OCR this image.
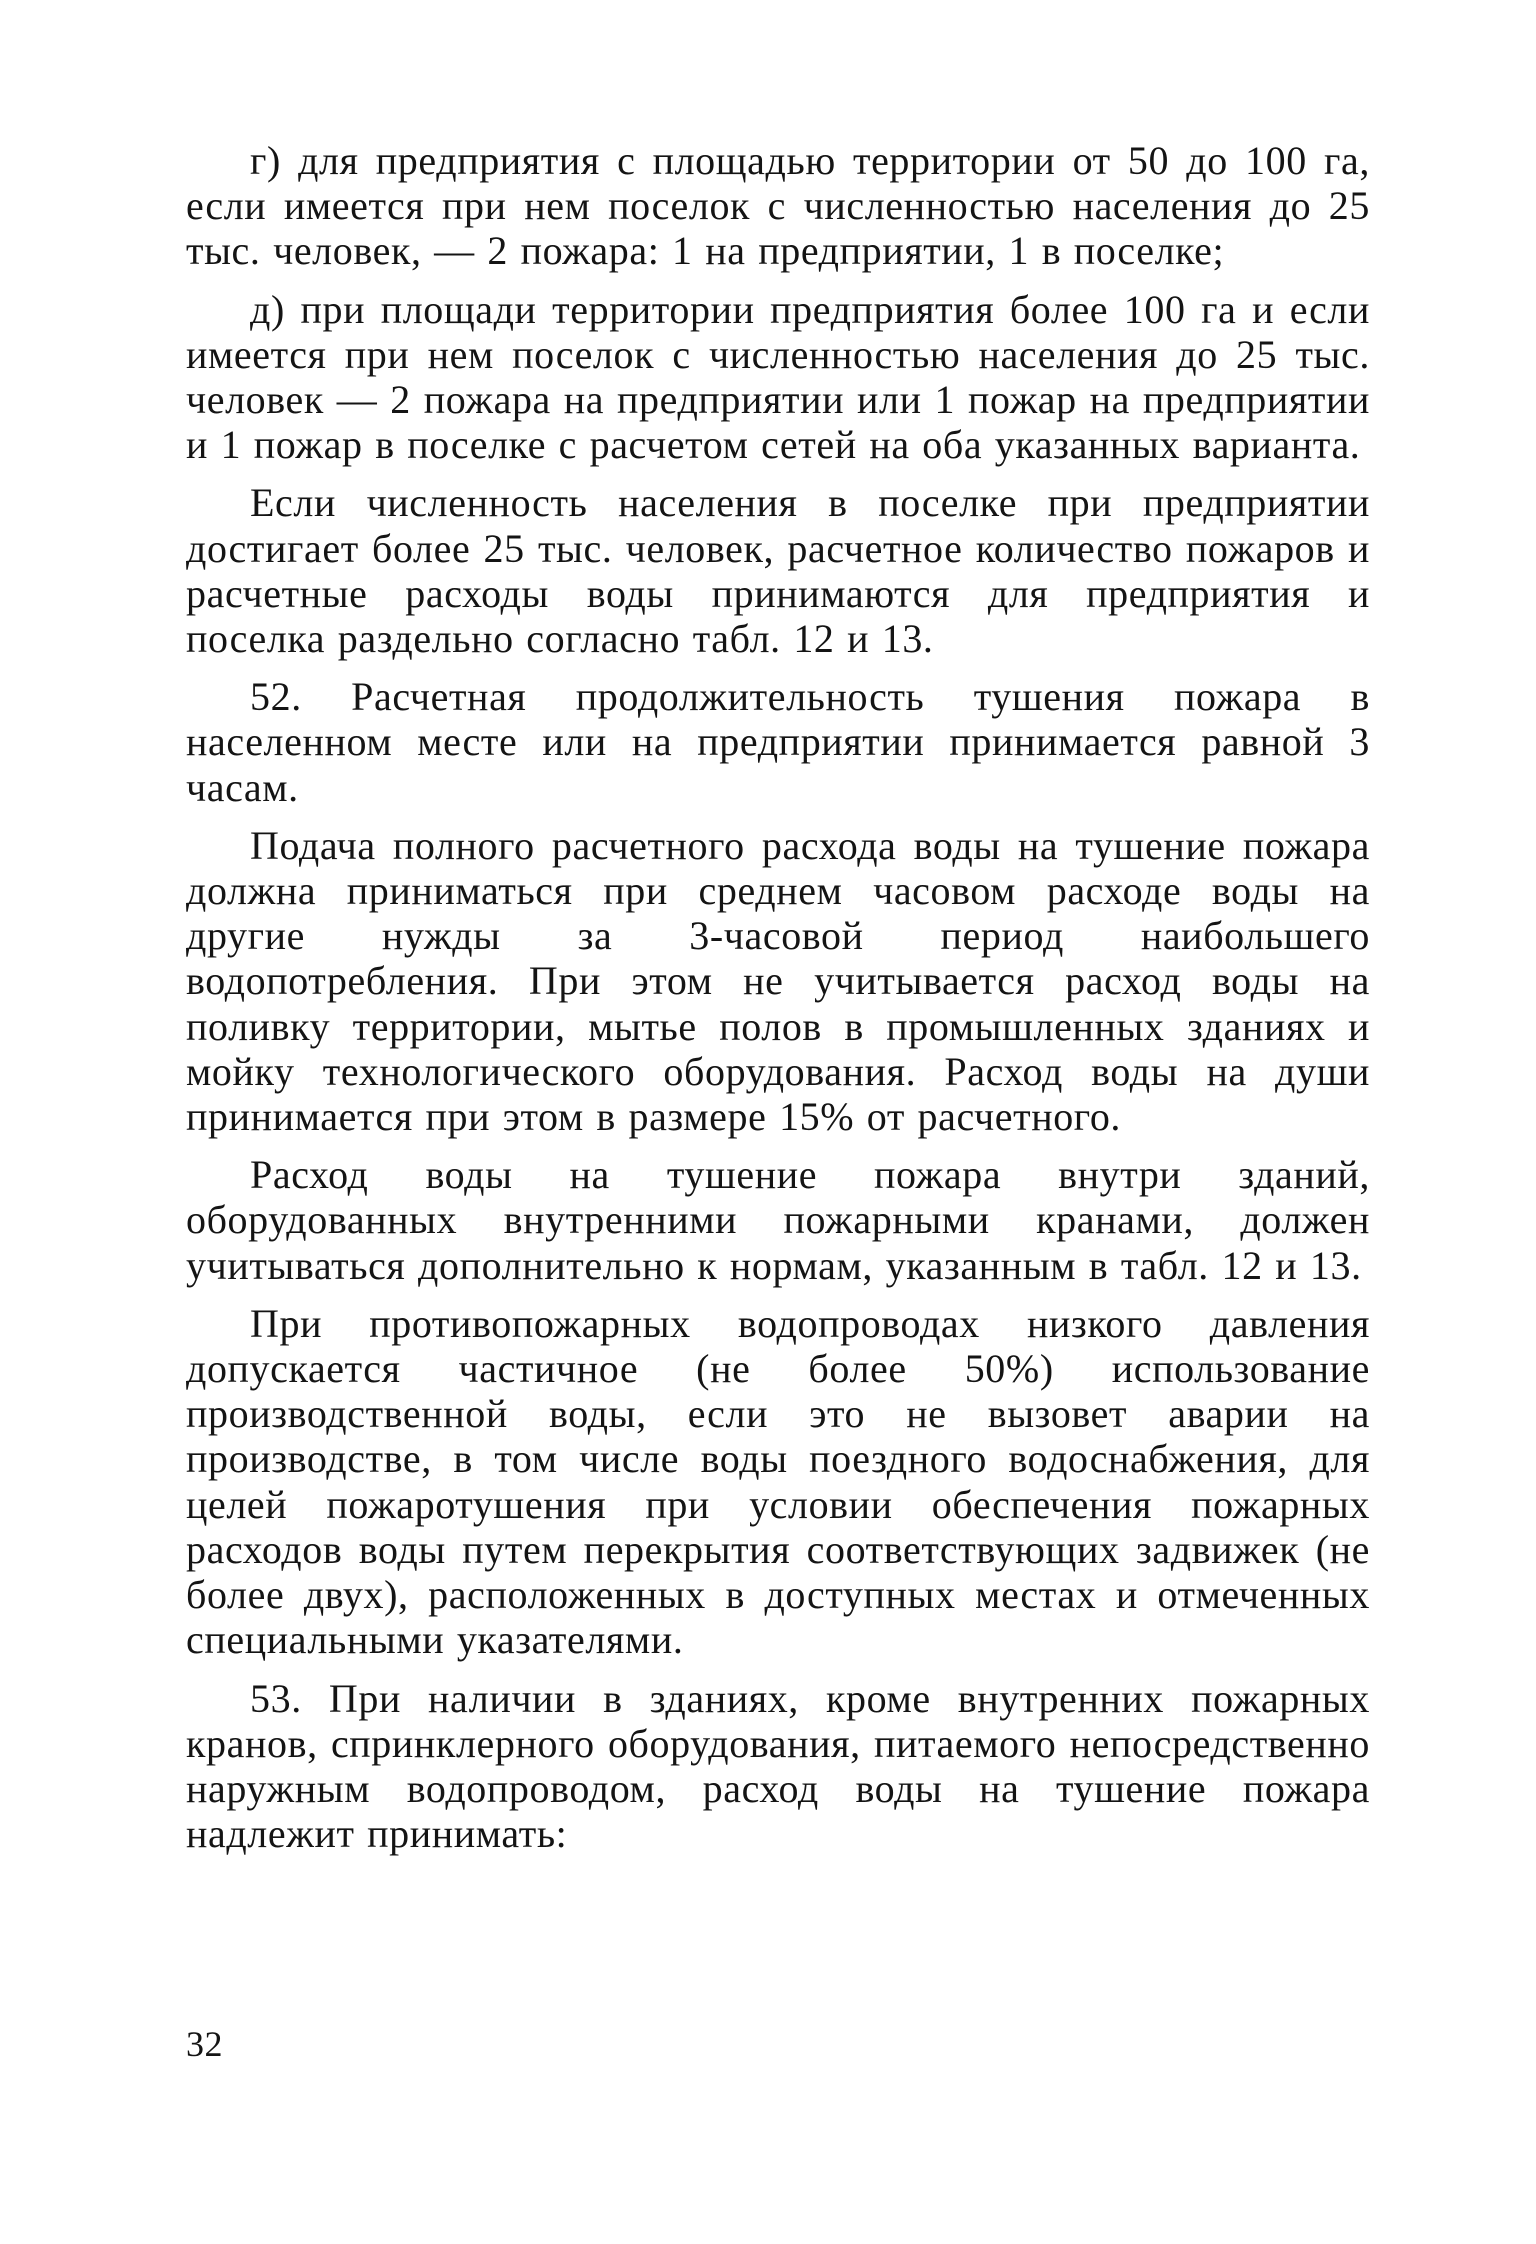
г) для предприятия с площадью территории от 50 до 100 га, если имеется при нем поселок с численностью населения до 25 тыс. человек, — 2 пожара: 1 на предприятии, 1 в поселке;

д) при площади территории предприятия более 100 га и если имеется при нем поселок с численностью населения до 25 тыс. человек — 2 пожара на предприятии или 1 пожар на предприятии и 1 пожар в поселке с расчетом сетей на оба указанных варианта.

Если численность населения в поселке при предприятии достигает более 25 тыс. человек, расчетное количество пожаров и расчетные расходы воды принимаются для предприятия и поселка раздельно согласно табл. 12 и 13.

52. Расчетная продолжительность тушения пожара в населенном месте или на предприятии принимается равной 3 часам.

Подача полного расчетного расхода воды на тушение пожара должна приниматься при среднем часовом расходе воды на другие нужды за 3-часовой период наибольшего водопотребления. При этом не учитывается расход воды на поливку территории, мытье полов в промышленных зданиях и мойку технологического оборудования. Расход воды на души принимается при этом в размере 15% от расчетного.

Расход воды на тушение пожара внутри зданий, оборудованных внутренними пожарными кранами, должен учитываться дополнительно к нормам, указанным в табл. 12 и 13.

При противопожарных водопроводах низкого давления допускается частичное (не более 50%) использование производственной воды, если это не вызовет аварии на производстве, в том числе воды поездного водоснабжения, для целей пожаротушения при условии обеспечения пожарных расходов воды путем перекрытия соответствующих задвижек (не более двух), расположенных в доступных местах и отмеченных специальными указателями.

53. При наличии в зданиях, кроме внутренних пожарных кранов, спринклерного оборудования, питаемого непосредственно наружным водопроводом, расход воды на тушение пожара надлежит принимать:

32
